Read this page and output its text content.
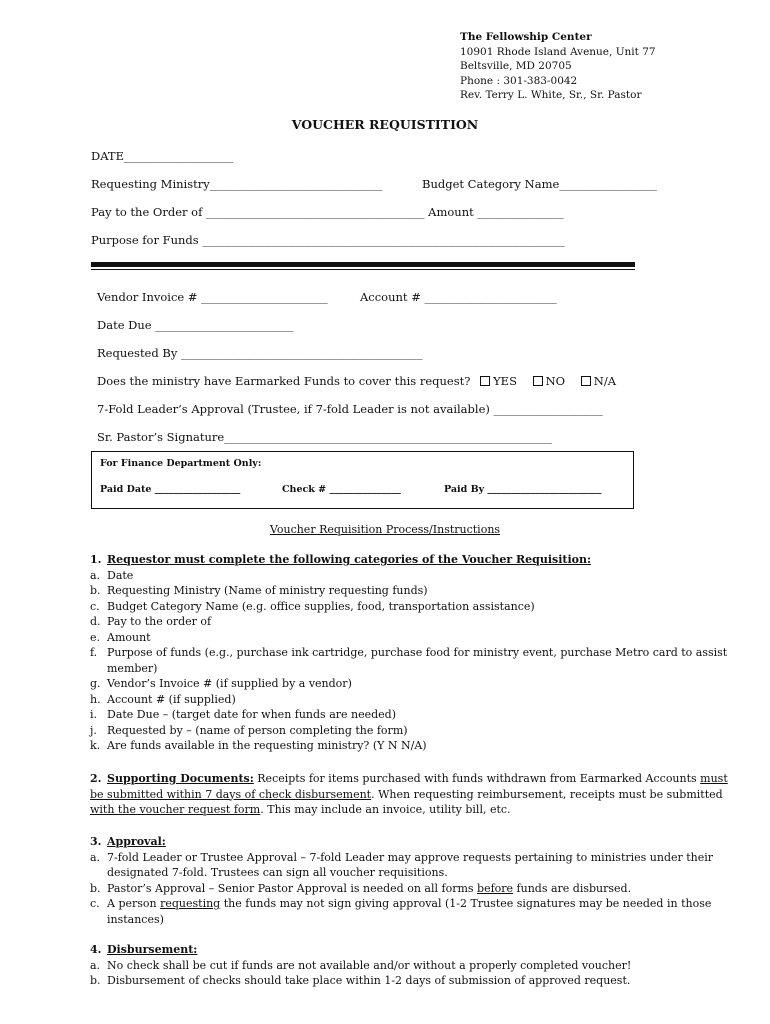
The Fellowship Center
10901 Rhode Island Avenue, Unit 77
Beltsville, MD 20705
Phone : 301-383-0042
Rev. Terry L. White, Sr., Sr. Pastor
VOUCHER REQUISTITION
DATE___________________
Requesting Ministry______________________________	Budget Category Name_________________
Pay to the Order of ______________________________________ Amount _______________
Purpose for Funds _______________________________________________________________
Vendor Invoice # ______________________	Account # _______________________
Date Due ________________________
Requested By __________________________________________
Does the ministry have Earmarked Funds to cover this request? YES NO N/A
7-Fold Leader’s Approval (Trustee, if 7-fold Leader is not available) ___________________
Sr. Pastor’s Signature_________________________________________________________
For Finance Department Only:
Paid Date __________________	Check # _______________	Paid By ________________________
Voucher Requisition Process/Instructions
1. Requestor must complete the following categories of the Voucher Requisition:
a. Date
b. Requesting Ministry (Name of ministry requesting funds)
c. Budget Category Name (e.g. office supplies, food, transportation assistance)
d. Pay to the order of
e. Amount
f. Purpose of funds (e.g., purchase ink cartridge, purchase food for ministry event, purchase Metro card to assist member)
g. Vendor’s Invoice # (if supplied by a vendor)
h. Account # (if supplied)
i. Date Due – (target date for when funds are needed)
j. Requested by – (name of person completing the form)
k. Are funds available in the requesting ministry? (Y N N/A)
2. Supporting Documents: Receipts for items purchased with funds withdrawn from Earmarked Accounts must be submitted within 7 days of check disbursement. When requesting reimbursement, receipts must be submitted with the voucher request form. This may include an invoice, utility bill, etc.
3. Approval:
a. 7-fold Leader or Trustee Approval – 7-fold Leader may approve requests pertaining to ministries under their designated 7-fold. Trustees can sign all voucher requisitions.
b. Pastor’s Approval – Senior Pastor Approval is needed on all forms before funds are disbursed.
c. A person requesting the funds may not sign giving approval (1-2 Trustee signatures may be needed in those instances)
4. Disbursement:
a. No check shall be cut if funds are not available and/or without a properly completed voucher!
b. Disbursement of checks should take place within 1-2 days of submission of approved request.
